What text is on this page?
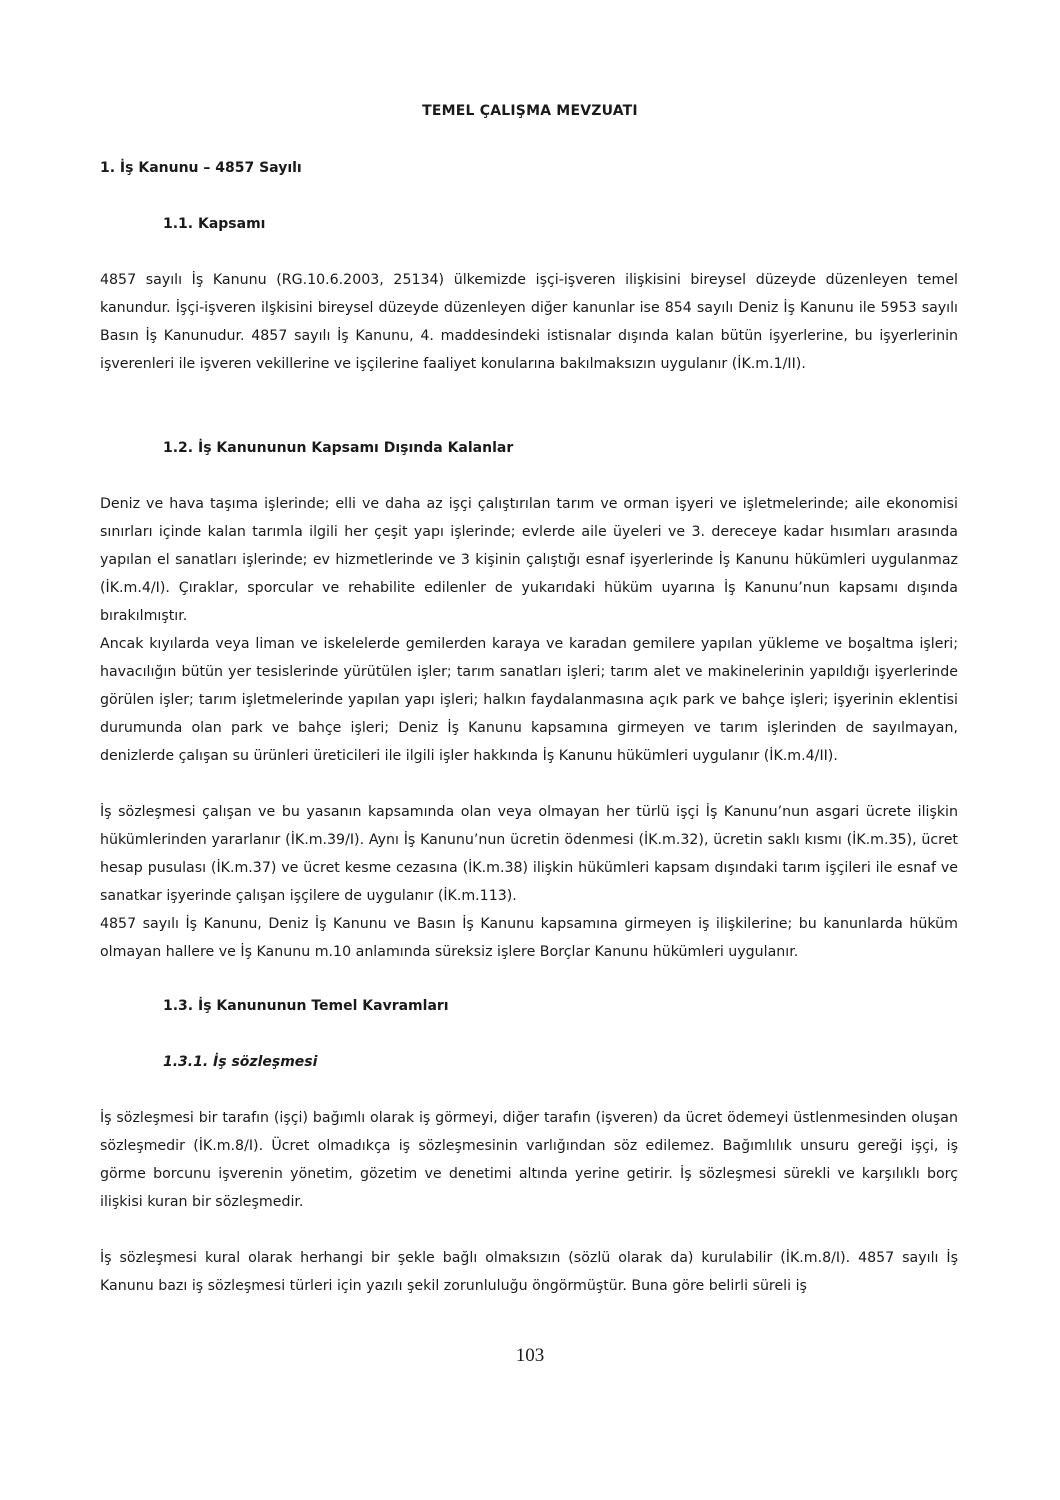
TEMEL ÇALIŞMA MEVZUATI
1. İş Kanunu – 4857 Sayılı
1.1. Kapsamı

4857 sayılı İş Kanunu (RG.10.6.2003, 25134) ülkemizde işçi-işveren ilişkisini bireysel düzeyde düzenleyen temel kanundur. İşçi-işveren ilşkisini bireysel düzeyde düzenleyen diğer kanunlar ise 854 sayılı Deniz İş Kanunu ile 5953 sayılı Basın İş Kanunudur. 4857 sayılı İş Kanunu, 4. maddesindeki istisnalar dışında kalan bütün işyerlerine, bu işyerlerinin işverenleri ile işveren vekillerine ve işçilerine faaliyet konularına bakılmaksızın uygulanır (İK.m.1/II).

1.2. İş Kanununun Kapsamı Dışında Kalanlar

Deniz ve hava taşıma işlerinde; elli ve daha az işçi çalıştırılan tarım ve orman işyeri ve işletmelerinde; aile ekonomisi sınırları içinde kalan tarımla ilgili her çeşit yapı işlerinde; evlerde aile üyeleri ve 3. dereceye kadar hısımları arasında yapılan el sanatları işlerinde; ev hizmetlerinde ve 3 kişinin çalıştığı esnaf işyerlerinde İş Kanunu hükümleri uygulanmaz (İK.m.4/I). Çıraklar, sporcular ve rehabilite edilenler de yukarıdaki hüküm uyarına İş Kanunu’nun kapsamı dışında bırakılmıştır.

Ancak kıyılarda veya liman ve iskelelerde gemilerden karaya ve karadan gemilere yapılan yükleme ve boşaltma işleri; havacılığın bütün yer tesislerinde yürütülen işler; tarım sanatları işleri; tarım alet ve makinelerinin yapıldığı işyerlerinde görülen işler; tarım işletmelerinde yapılan yapı işleri; halkın faydalanmasına açık park ve bahçe işleri; işyerinin eklentisi durumunda olan park ve bahçe işleri; Deniz İş Kanunu kapsamına girmeyen ve tarım işlerinden de sayılmayan, denizlerde çalışan su ürünleri üreticileri ile ilgili işler hakkında İş Kanunu hükümleri uygulanır (İK.m.4/II).

İş sözleşmesi çalışan ve bu yasanın kapsamında olan veya olmayan her türlü işçi İş Kanunu’nun asgari ücrete ilişkin hükümlerinden yararlanır (İK.m.39/I). Aynı İş Kanunu’nun ücretin ödenmesi (İK.m.32), ücretin saklı kısmı (İK.m.35), ücret hesap pusulası (İK.m.37) ve ücret kesme cezasına (İK.m.38) ilişkin hükümleri kapsam dışındaki tarım işçileri ile esnaf ve sanatkar işyerinde çalışan işçilere de uygulanır (İK.m.113).

4857 sayılı İş Kanunu, Deniz İş Kanunu ve Basın İş Kanunu kapsamına girmeyen iş ilişkilerine; bu kanunlarda hüküm olmayan hallere ve İş Kanunu m.10 anlamında süreksiz işlere Borçlar Kanunu hükümleri uygulanır.

1.3. İş Kanununun Temel Kavramları
1.3.1. İş sözleşmesi

İş sözleşmesi bir tarafın (işçi) bağımlı olarak iş görmeyi, diğer tarafın (işveren) da ücret ödemeyi üstlenmesinden oluşan sözleşmedir (İK.m.8/I). Ücret olmadıkça iş sözleşmesinin varlığından söz edilemez. Bağımlılık unsuru gereği işçi, iş görme borcunu işverenin yönetim, gözetim ve denetimi altında yerine getirir. İş sözleşmesi sürekli ve karşılıklı borç ilişkisi kuran bir sözleşmedir.

İş sözleşmesi kural olarak herhangi bir şekle bağlı olmaksızın (sözlü olarak da) kurulabilir (İK.m.8/I). 4857 sayılı İş Kanunu bazı iş sözleşmesi türleri için yazılı şekil zorunluluğu öngörmüştür. Buna göre belirli süreli iş

103
